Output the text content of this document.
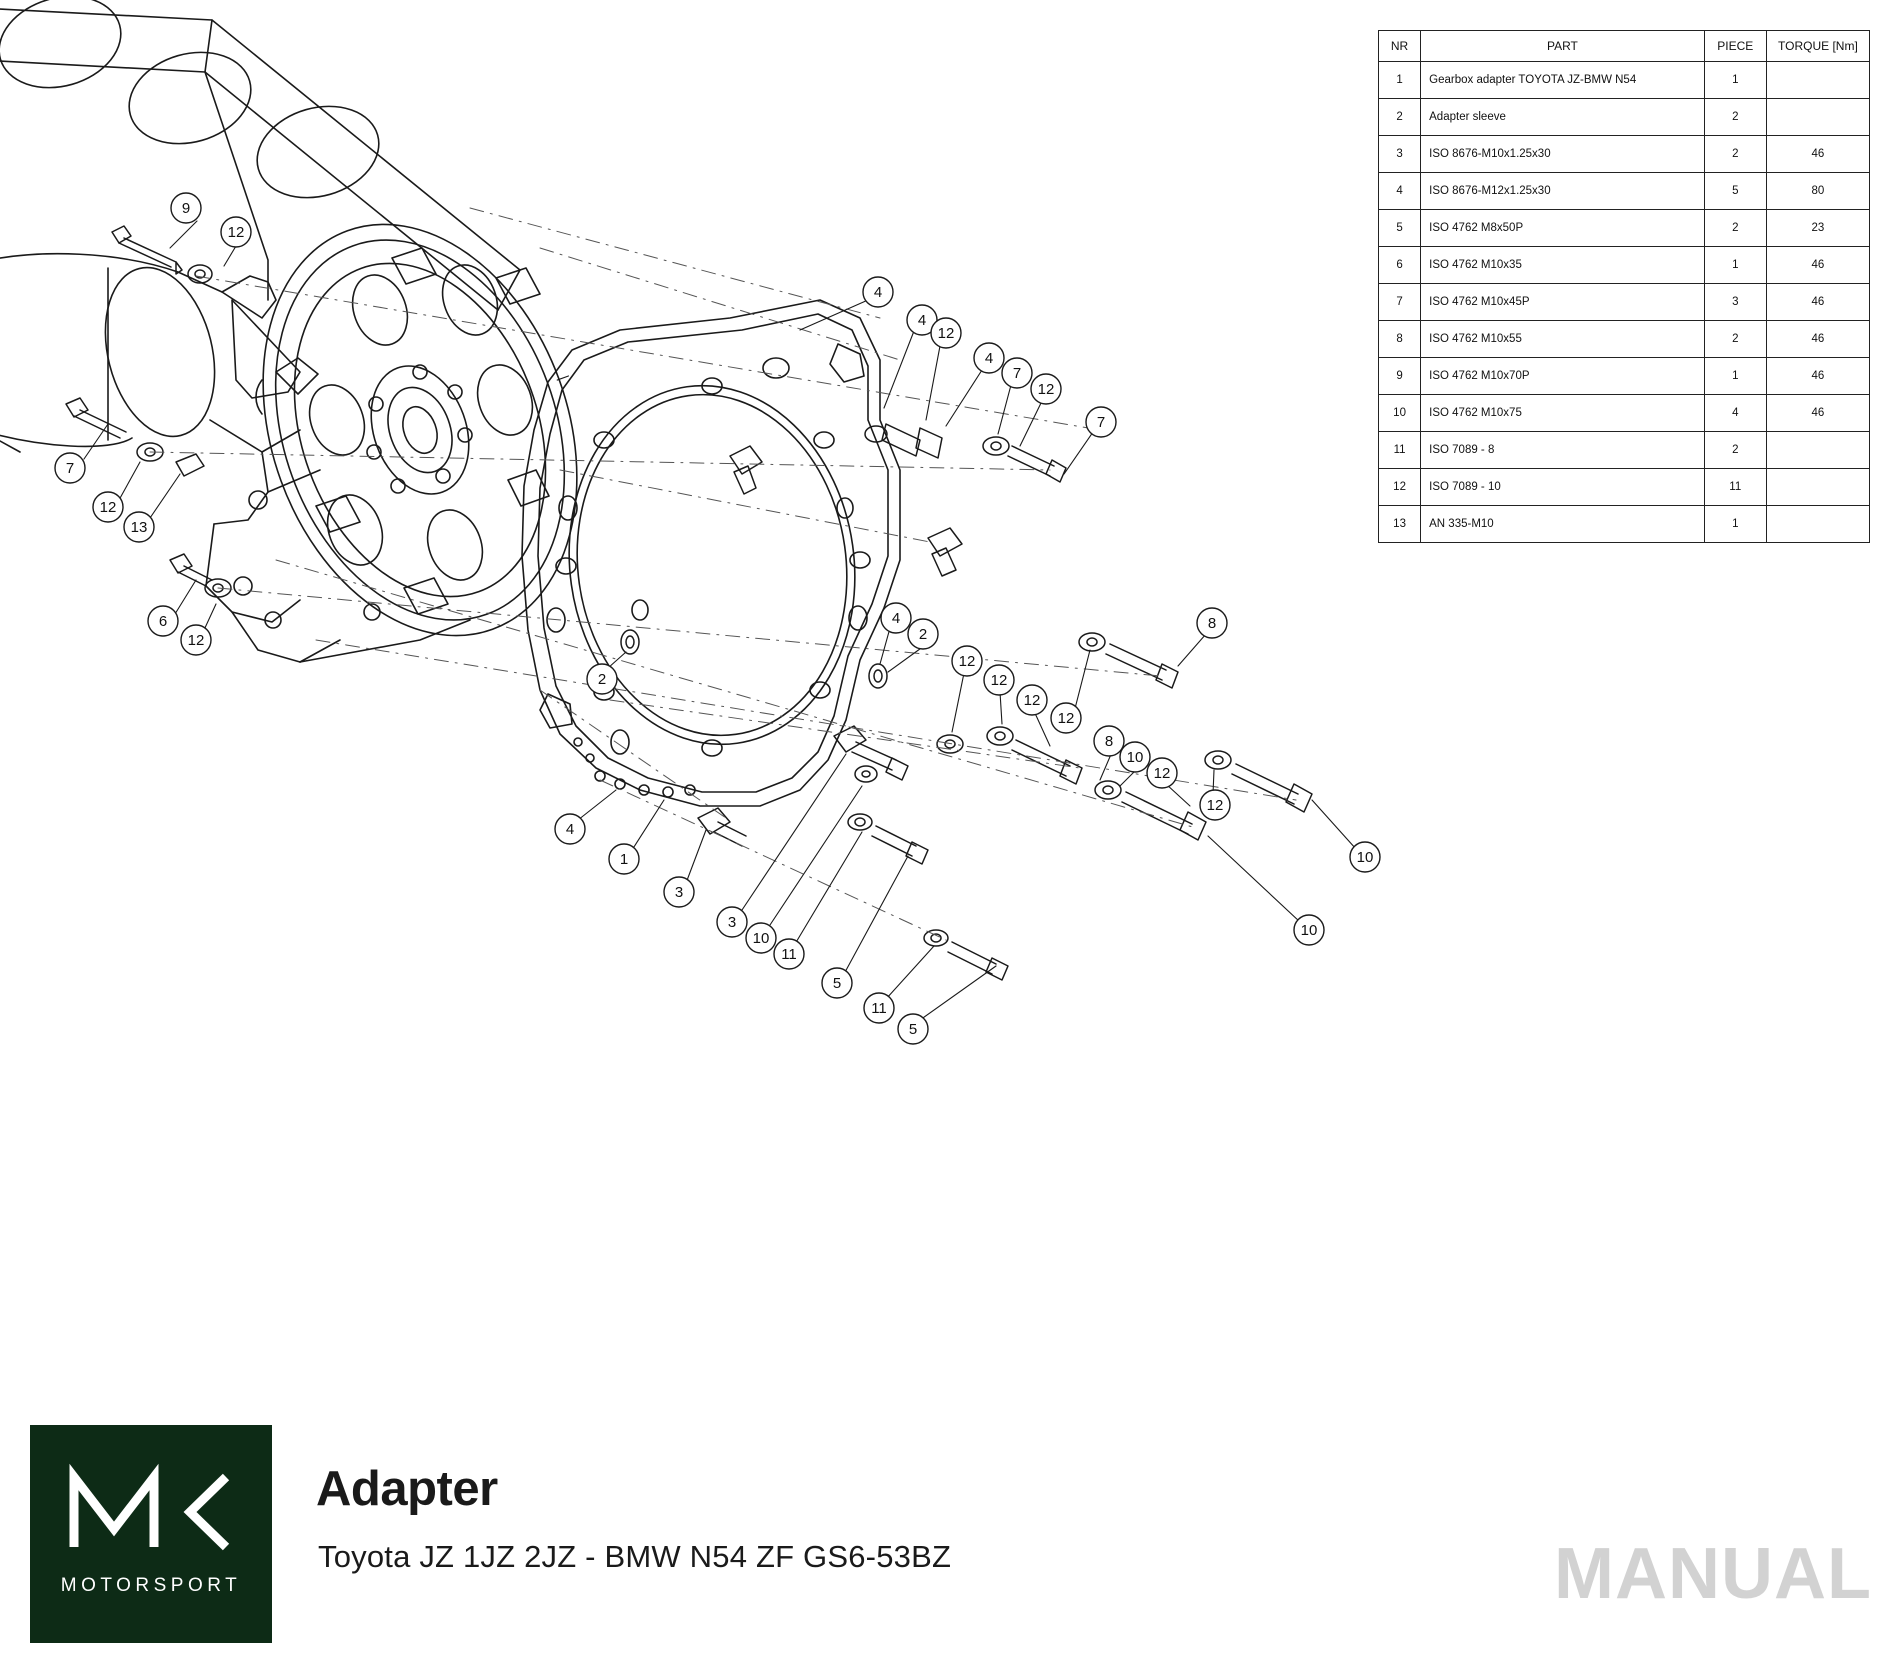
9
12
7
12
13
6
12
4
4
12
4
7
12
7
2
4
2
12
12
12
12
8
10
12
12
8
10
10
4
1
3
3
10
11
5
11
5
NR	PART	PIECE	TORQUE [Nm]
1	Gearbox adapter TOYOTA JZ-BMW N54	1	
2	Adapter sleeve	2	
3	ISO 8676-M10x1.25x30	2	46
4	ISO 8676-M12x1.25x30	5	80
5	ISO 4762 M8x50P	2	23
6	ISO 4762 M10x35	1	46
7	ISO 4762 M10x45P	3	46
8	ISO 4762 M10x55	2	46
9	ISO 4762 M10x70P	1	46
10	ISO 4762 M10x75	4	46
11	ISO 7089 - 8	2	
12	ISO 7089 - 10	11	
13	AN 335-M10	1	
MOTORSPORT
Adapter
Toyota JZ 1JZ 2JZ - BMW N54 ZF GS6-53BZ	MANUAL
